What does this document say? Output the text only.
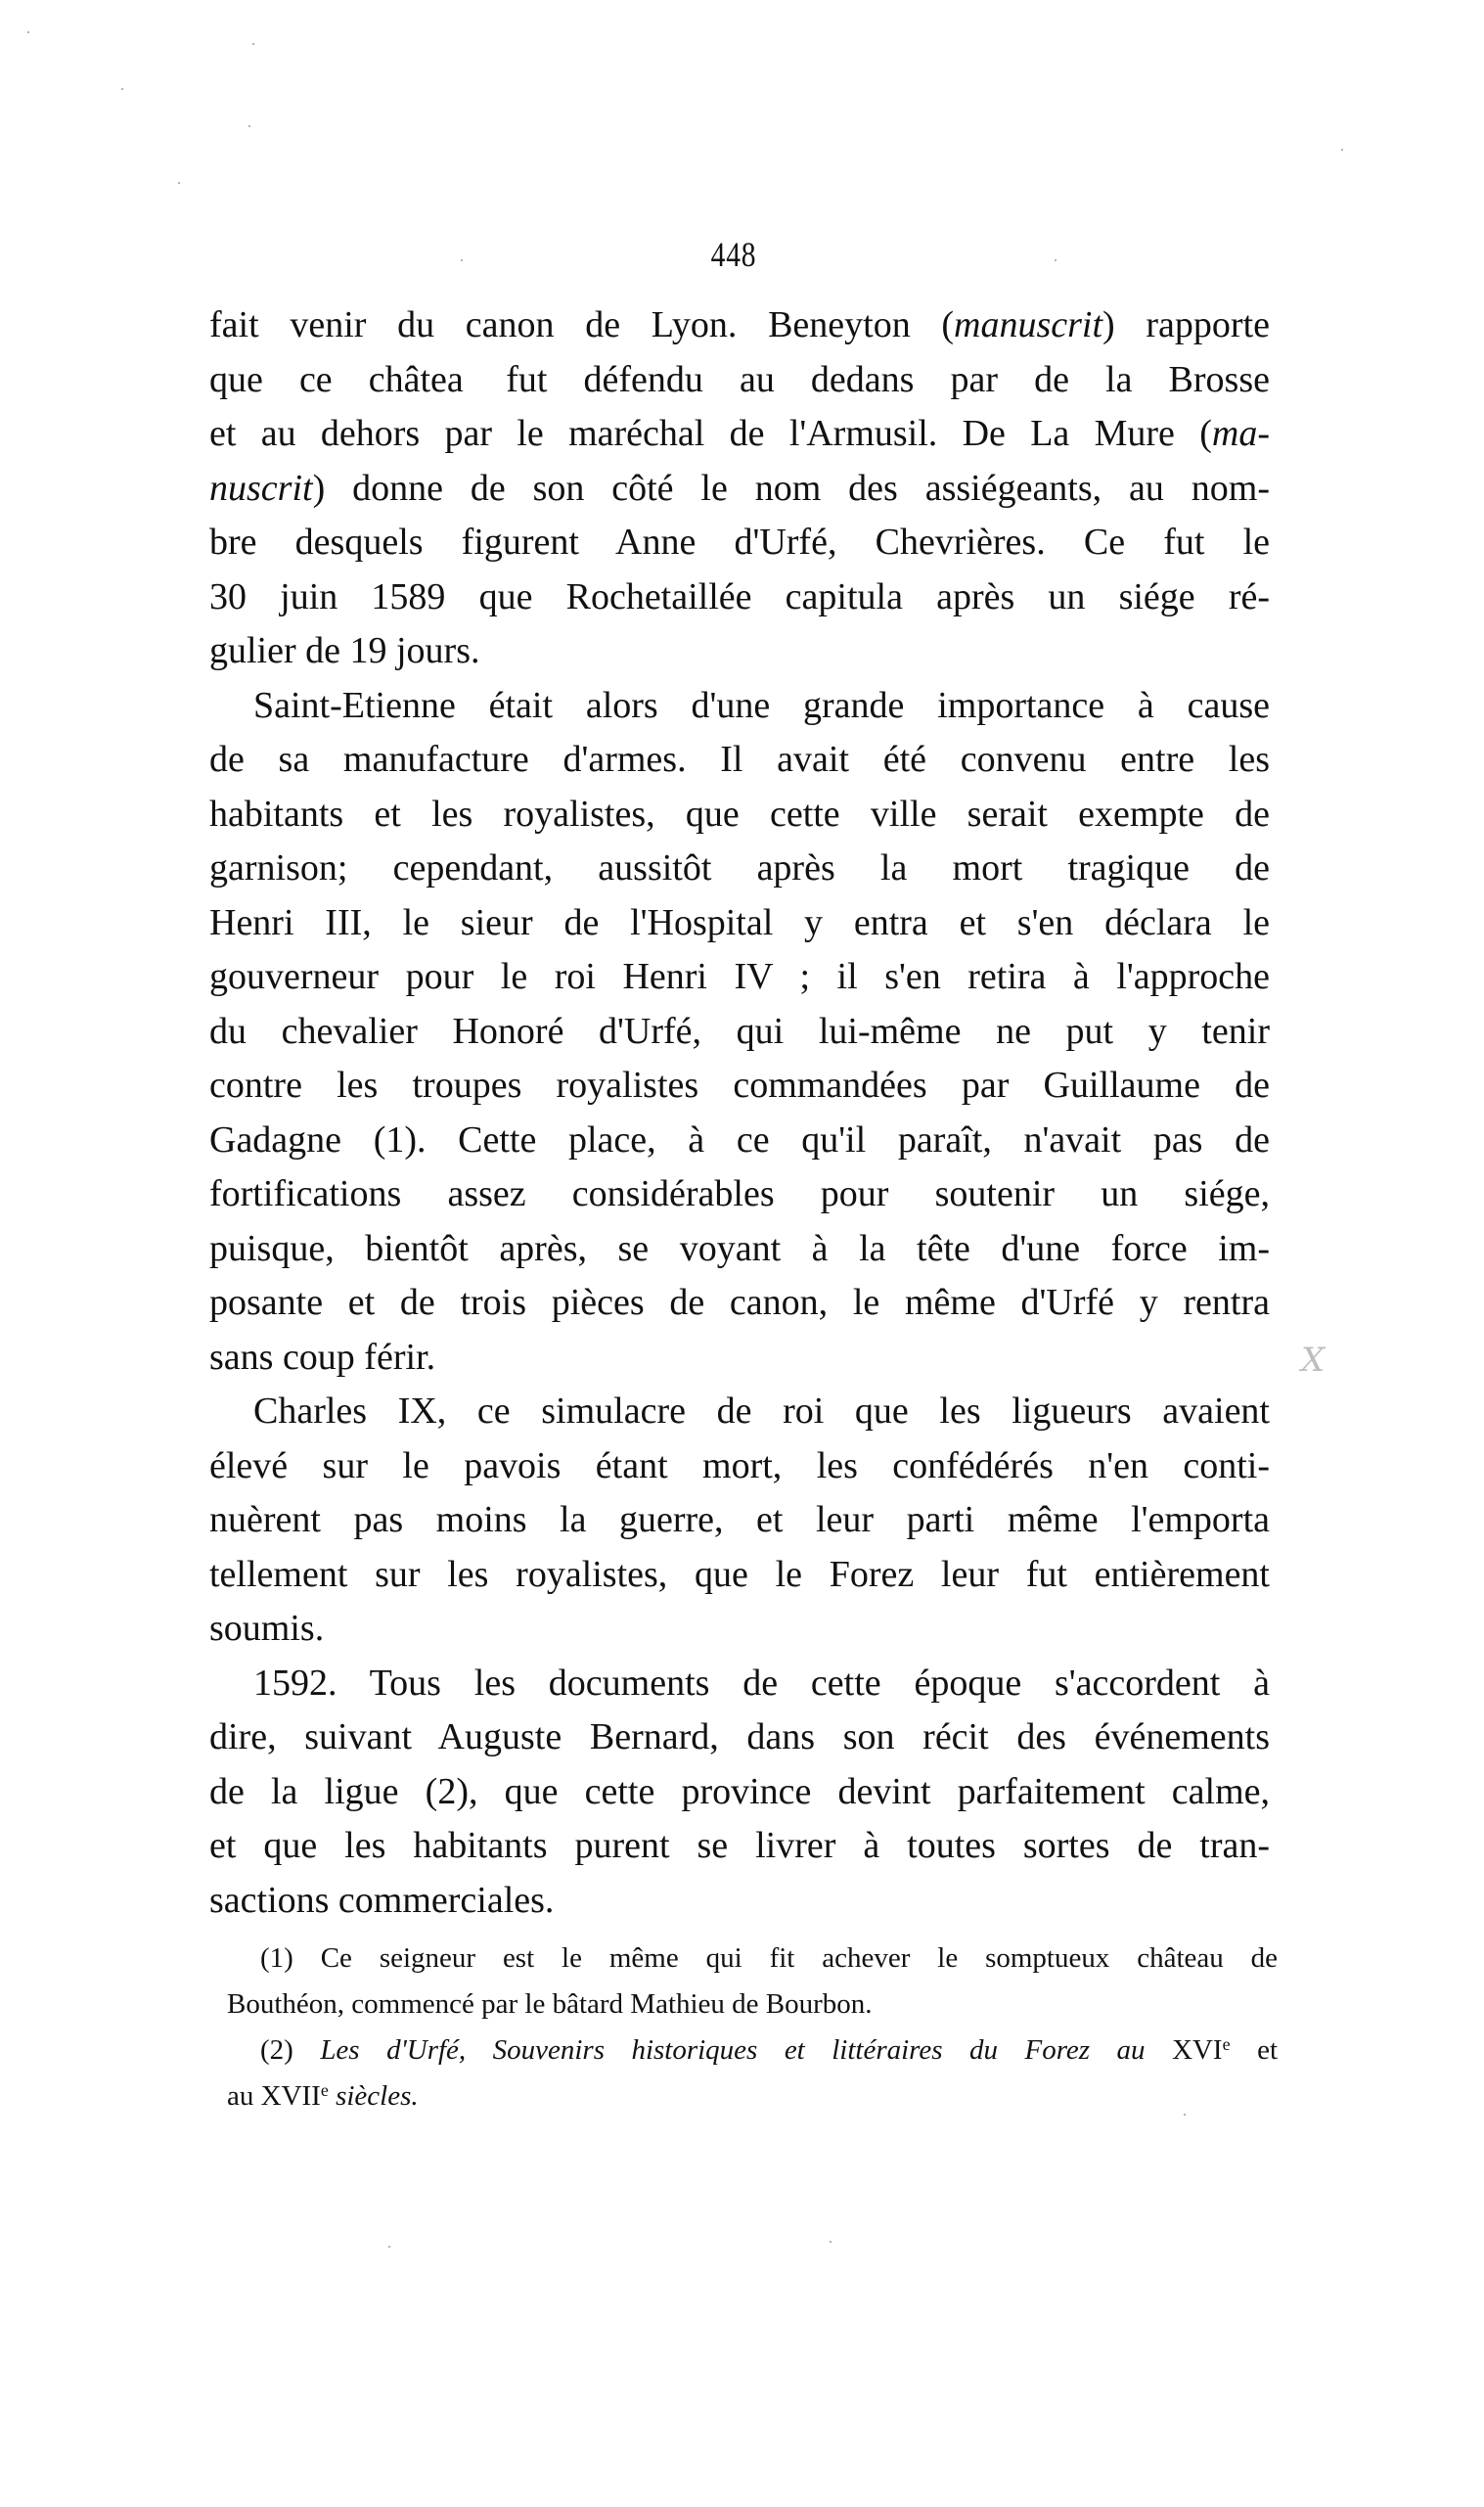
448
fait venir du canon de Lyon. Beneyton (manuscrit) rapporte
que ce châtea   fut défendu au dedans par de la Brosse
et au dehors par le maréchal de l'Armusil. De La Mure (ma-
nuscrit) donne de son côté le nom des assiégeants, au nom-
bre desquels figurent Anne d'Urfé, Chevrières. Ce fut le
30 juin 1589 que Rochetaillée capitula après un siége ré-
gulier de 19 jours.
Saint-Etienne était alors d'une grande importance à cause
de sa manufacture d'armes. Il avait été convenu entre les
habitants et les royalistes, que cette ville serait exempte de
garnison; cependant, aussitôt après la mort tragique de
Henri III, le sieur de l'Hospital y entra et s'en déclara le
gouverneur pour le roi Henri IV ; il s'en retira à l'approche
du chevalier Honoré d'Urfé, qui lui-même ne put y tenir
contre les troupes royalistes commandées par Guillaume de
Gadagne (1). Cette place, à ce qu'il paraît, n'avait pas de
fortifications assez considérables pour soutenir un siége,
puisque, bientôt après, se voyant à la tête d'une force im-
posante et de trois pièces de canon, le même d'Urfé y rentra
sans coup férir.
Charles IX, ce simulacre de roi que les ligueurs avaient
élevé sur le pavois étant mort, les confédérés n'en conti-
nuèrent pas moins la guerre, et leur parti même l'emporta
tellement sur les royalistes, que le Forez leur fut entièrement
soumis.
1592. Tous les documents de cette époque s'accordent à
dire, suivant Auguste Bernard, dans son récit des événements
de la ligue (2), que cette province devint parfaitement calme,
et que les habitants purent se livrer à toutes sortes de tran-
sactions commerciales.
X
(1) Ce seigneur est le même qui fit achever le somptueux château de
Bouthéon, commencé par le bâtard Mathieu de Bourbon.
(2) Les d'Urfé, Souvenirs historiques et littéraires du Forez au XVIe et
au XVIIe siècles.
